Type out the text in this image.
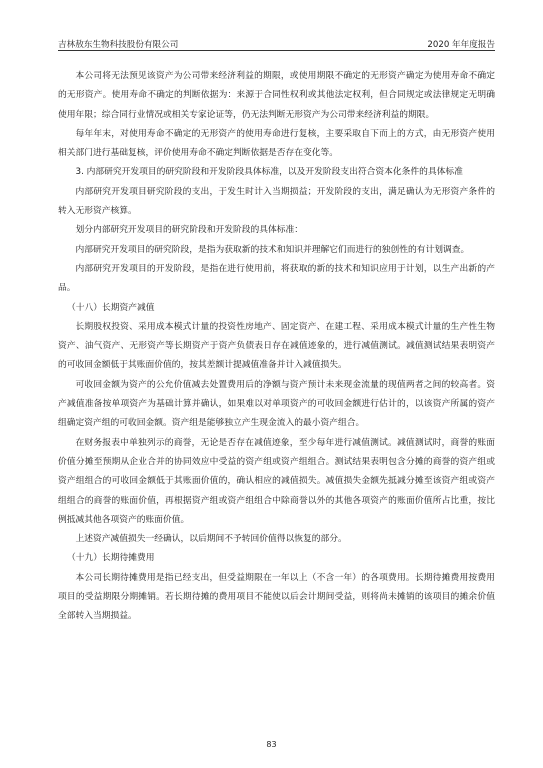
吉林敖东生物科技股份有限公司	2020 年年度报告

本公司将无法预见该资产为公司带来经济利益的期限，或使用期限不确定的无形资产确定为使用寿命不确定的无形资产。使用寿命不确定的判断依据为：来源于合同性权利或其他法定权利，但合同规定或法律规定无明确使用年限；综合同行业情况或相关专家论证等，仍无法判断无形资产为公司带来经济利益的期限。

每年年末，对使用寿命不确定的无形资产的使用寿命进行复核，主要采取自下而上的方式，由无形资产使用相关部门进行基础复核，评价使用寿命不确定判断依据是否存在变化等。

3. 内部研究开发项目的研究阶段和开发阶段具体标准，以及开发阶段支出符合资本化条件的具体标准

内部研究开发项目研究阶段的支出，于发生时计入当期损益；开发阶段的支出，满足确认为无形资产条件的转入无形资产核算。

划分内部研究开发项目的研究阶段和开发阶段的具体标准：

内部研究开发项目的研究阶段，是指为获取新的技术和知识并理解它们而进行的独创性的有计划调查。

内部研究开发项目的开发阶段，是指在进行使用前，将获取的新的技术和知识应用于计划，以生产出新的产品。

（十八）长期资产减值

长期股权投资、采用成本模式计量的投资性房地产、固定资产、在建工程、采用成本模式计量的生产性生物资产、油气资产、无形资产等长期资产于资产负债表日存在减值迹象的，进行减值测试。减值测试结果表明资产的可收回金额低于其账面价值的，按其差额计提减值准备并计入减值损失。

可收回金额为资产的公允价值减去处置费用后的净额与资产预计未来现金流量的现值两者之间的较高者。资产减值准备按单项资产为基础计算并确认，如果难以对单项资产的可收回金额进行估计的，以该资产所属的资产组确定资产组的可收回金额。资产组是能够独立产生现金流入的最小资产组合。

在财务报表中单独列示的商誉，无论是否存在减值迹象，至少每年进行减值测试。减值测试时，商誉的账面价值分摊至预期从企业合并的协同效应中受益的资产组或资产组组合。测试结果表明包含分摊的商誉的资产组或资产组组合的可收回金额低于其账面价值的，确认相应的减值损失。减值损失金额先抵减分摊至该资产组或资产组组合的商誉的账面价值，再根据资产组或资产组组合中除商誉以外的其他各项资产的账面价值所占比重，按比例抵减其他各项资产的账面价值。

上述资产减值损失一经确认，以后期间不予转回价值得以恢复的部分。

（十九）长期待摊费用

本公司长期待摊费用是指已经支出，但受益期限在一年以上（不含一年）的各项费用。长期待摊费用按费用项目的受益期限分期摊销。若长期待摊的费用项目不能使以后会计期间受益，则将尚未摊销的该项目的摊余价值全部转入当期损益。

83
